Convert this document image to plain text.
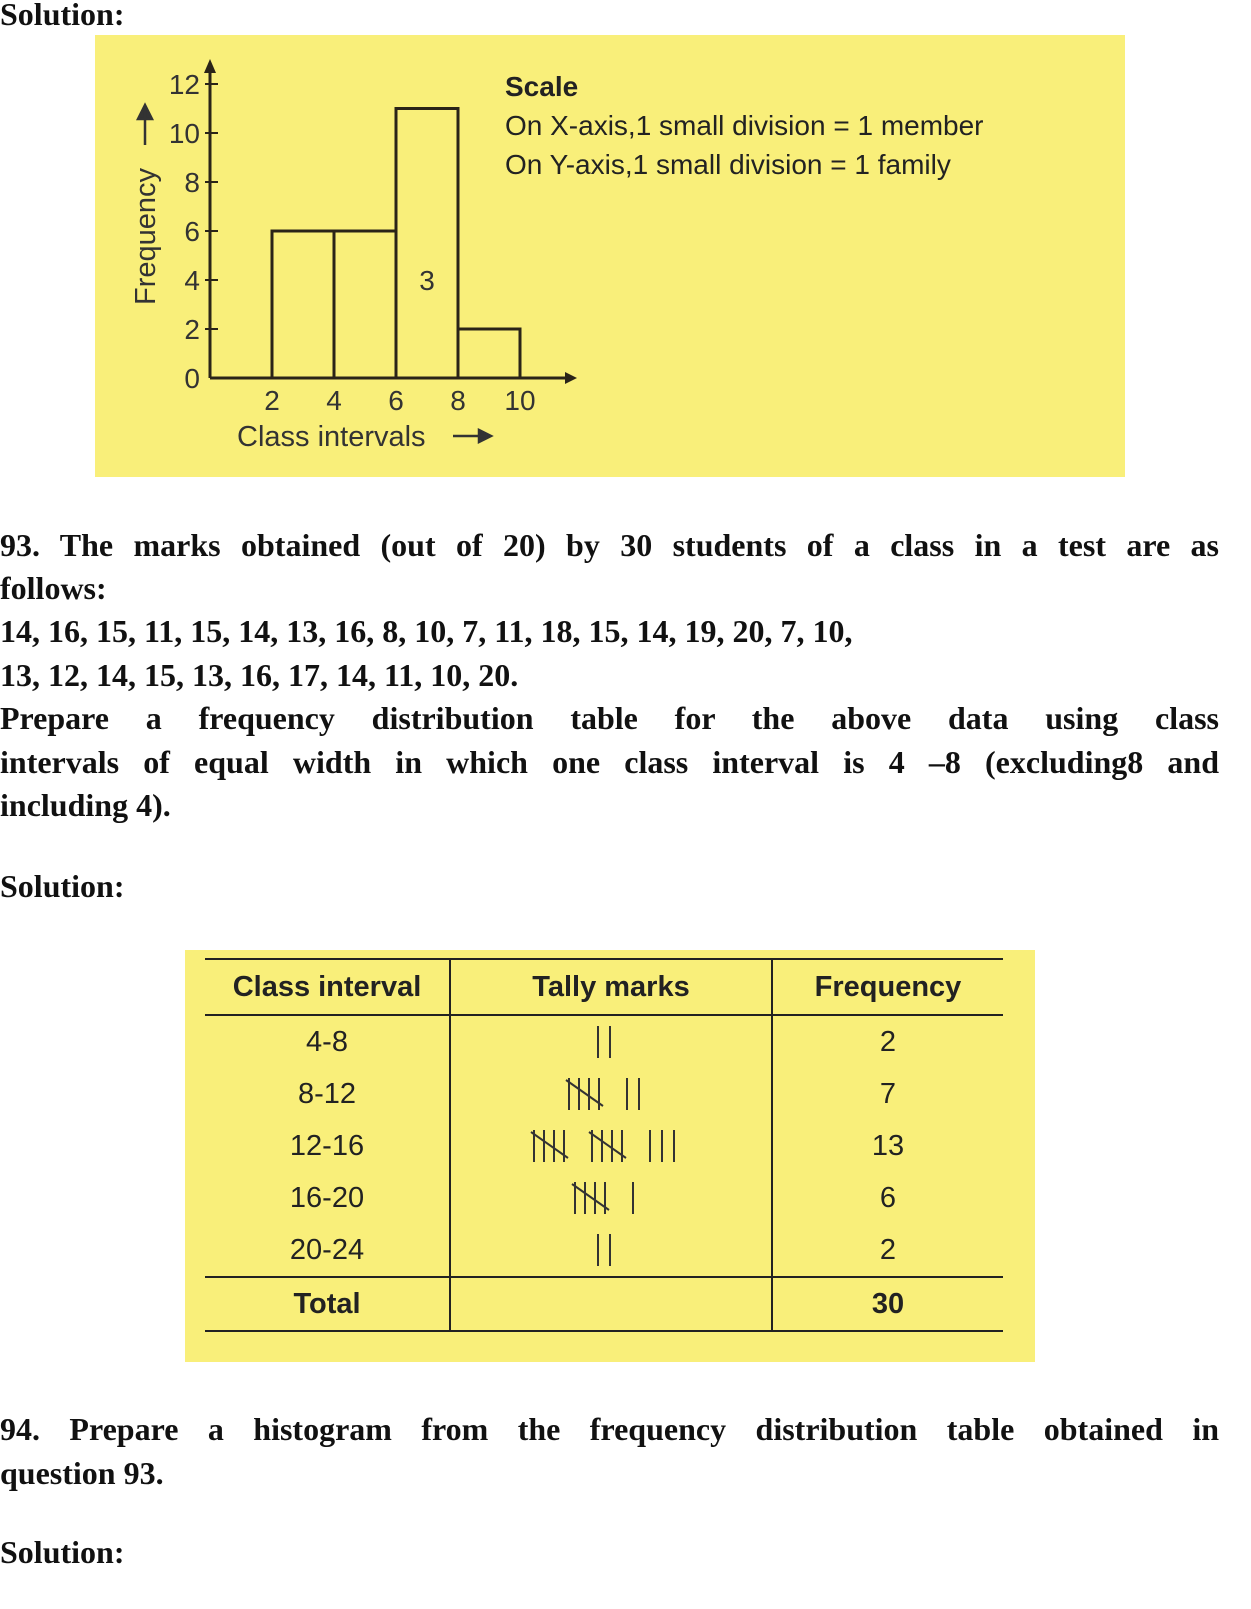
Solution:
0
2
4
6
8
10
12
2 4 6 8 10
Class intervals
Frequency	3
Scale
On X-axis,1 small division = 1 member
On Y-axis,1 small division = 1 family
93. The marks obtained (out of 20) by 30 students of a class in a test are as
follows:
14, 16, 15, 11, 15, 14, 13, 16, 8, 10, 7, 11, 18, 15, 14, 19, 20, 7, 10,
13, 12, 14, 15, 13, 16, 17, 14, 11, 10, 20.
Prepare a frequency distribution table for the above data using class
intervals of equal width in which one class interval is 4 –8 (excluding8 and
including 4).
Solution:
Class interval	Tally marks	Frequency
4-8		2
8-12		7
12-16		13
16-20		6
20-24		2
Total		30
94. Prepare a histogram from the frequency distribution table obtained in
question 93.
Solution:
